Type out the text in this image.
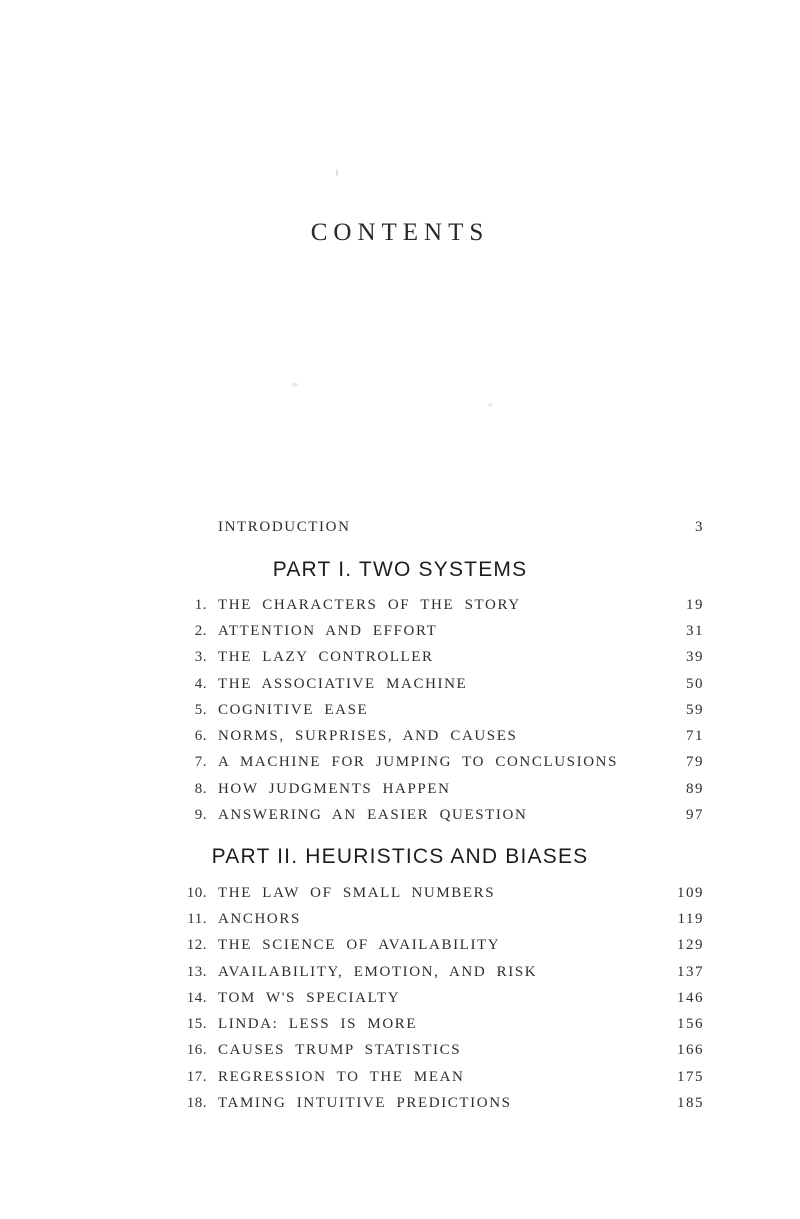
CONTENTS
INTRODUCTION	3
PART I. TWO SYSTEMS
1. THE CHARACTERS OF THE STORY	19
2. ATTENTION AND EFFORT	31
3. THE LAZY CONTROLLER	39
4. THE ASSOCIATIVE MACHINE	50
5. COGNITIVE EASE	59
6. NORMS, SURPRISES, AND CAUSES	71
7. A MACHINE FOR JUMPING TO CONCLUSIONS	79
8. HOW JUDGMENTS HAPPEN	89
9. ANSWERING AN EASIER QUESTION	97
PART II. HEURISTICS AND BIASES
10. THE LAW OF SMALL NUMBERS	109
11. ANCHORS	119
12. THE SCIENCE OF AVAILABILITY	129
13. AVAILABILITY, EMOTION, AND RISK	137
14. TOM W'S SPECIALTY	146
15. LINDA: LESS IS MORE	156
16. CAUSES TRUMP STATISTICS	166
17. REGRESSION TO THE MEAN	175
18. TAMING INTUITIVE PREDICTIONS	185
